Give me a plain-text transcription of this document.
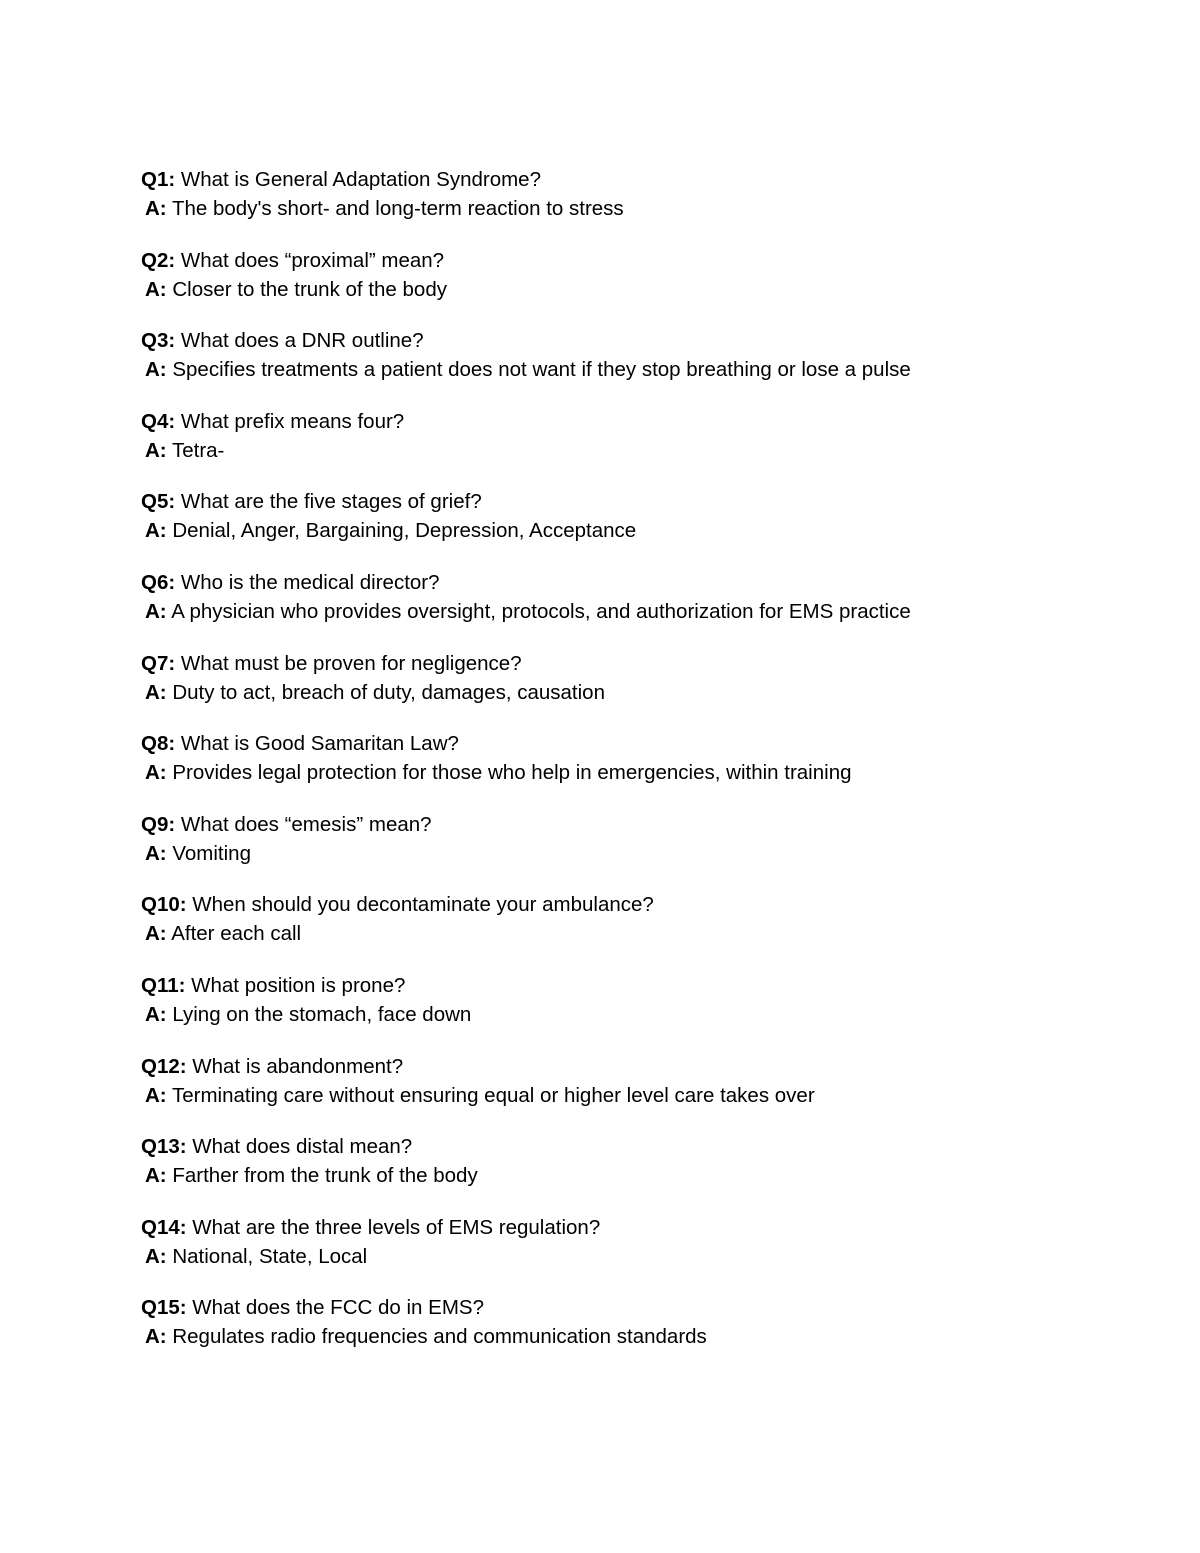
Q1: What is General Adaptation Syndrome?
A: The body's short- and long-term reaction to stress
Q2: What does “proximal” mean?
A: Closer to the trunk of the body
Q3: What does a DNR outline?
A: Specifies treatments a patient does not want if they stop breathing or lose a pulse
Q4: What prefix means four?
A: Tetra-
Q5: What are the five stages of grief?
A: Denial, Anger, Bargaining, Depression, Acceptance
Q6: Who is the medical director?
A: A physician who provides oversight, protocols, and authorization for EMS practice
Q7: What must be proven for negligence?
A: Duty to act, breach of duty, damages, causation
Q8: What is Good Samaritan Law?
A: Provides legal protection for those who help in emergencies, within training
Q9: What does “emesis” mean?
A: Vomiting
Q10: When should you decontaminate your ambulance?
A: After each call
Q11: What position is prone?
A: Lying on the stomach, face down
Q12: What is abandonment?
A: Terminating care without ensuring equal or higher level care takes over
Q13: What does distal mean?
A: Farther from the trunk of the body
Q14: What are the three levels of EMS regulation?
A: National, State, Local
Q15: What does the FCC do in EMS?
A: Regulates radio frequencies and communication standards
